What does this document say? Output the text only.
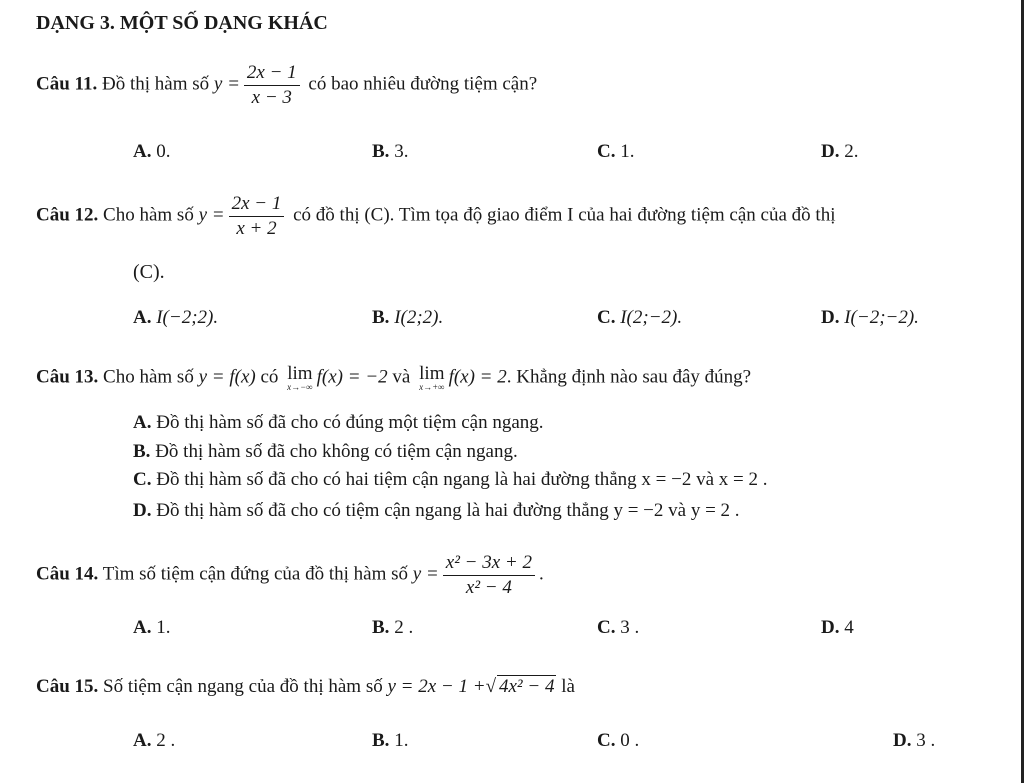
DẠNG 3. MỘT SỐ DẠNG KHÁC
Câu 11. Đồ thị hàm số $y = \frac{2x - 1}{x - 3}$ có bao nhiêu đường tiệm cận?
A. 0.	B. 3.	C. 1.	D. 2.
Câu 12. Cho hàm số $y = \frac{2x - 1}{x + 2}$ có đồ thị (C). Tìm tọa độ giao điểm I của hai đường tiệm cận của đồ thị
(C).
A. I(−2;2).	B. I(2;2).	C. I(2;−2).	D. I(−2;−2).
Câu 13. Cho hàm số y = f(x) có lim
x→−∞ f(x) = −2 và lim
x→+∞ f(x) = 2. Khẳng định nào sau đây đúng?
A. Đồ thị hàm số đã cho có đúng một tiệm cận ngang.
B. Đồ thị hàm số đã cho không có tiệm cận ngang.
C. Đồ thị hàm số đã cho có hai tiệm cận ngang là hai đường thẳng x = −2 và x = 2 .
D. Đồ thị hàm số đã cho có tiệm cận ngang là hai đường thẳng y = −2 và y = 2 .
Câu 14. Tìm số tiệm cận đứng của đồ thị hàm số $y = \frac{\text{x² − 3x + 2}}{\text{x² − 4}}$ .
A. 1.	B. 2 .	C. 3 .	D. 4
Câu 15. Số tiệm cận ngang của đồ thị hàm số y = 2x − 1 +√ 4x² − 4 là
A. 2 .	B. 1.	C. 0 .	D. 3 .
